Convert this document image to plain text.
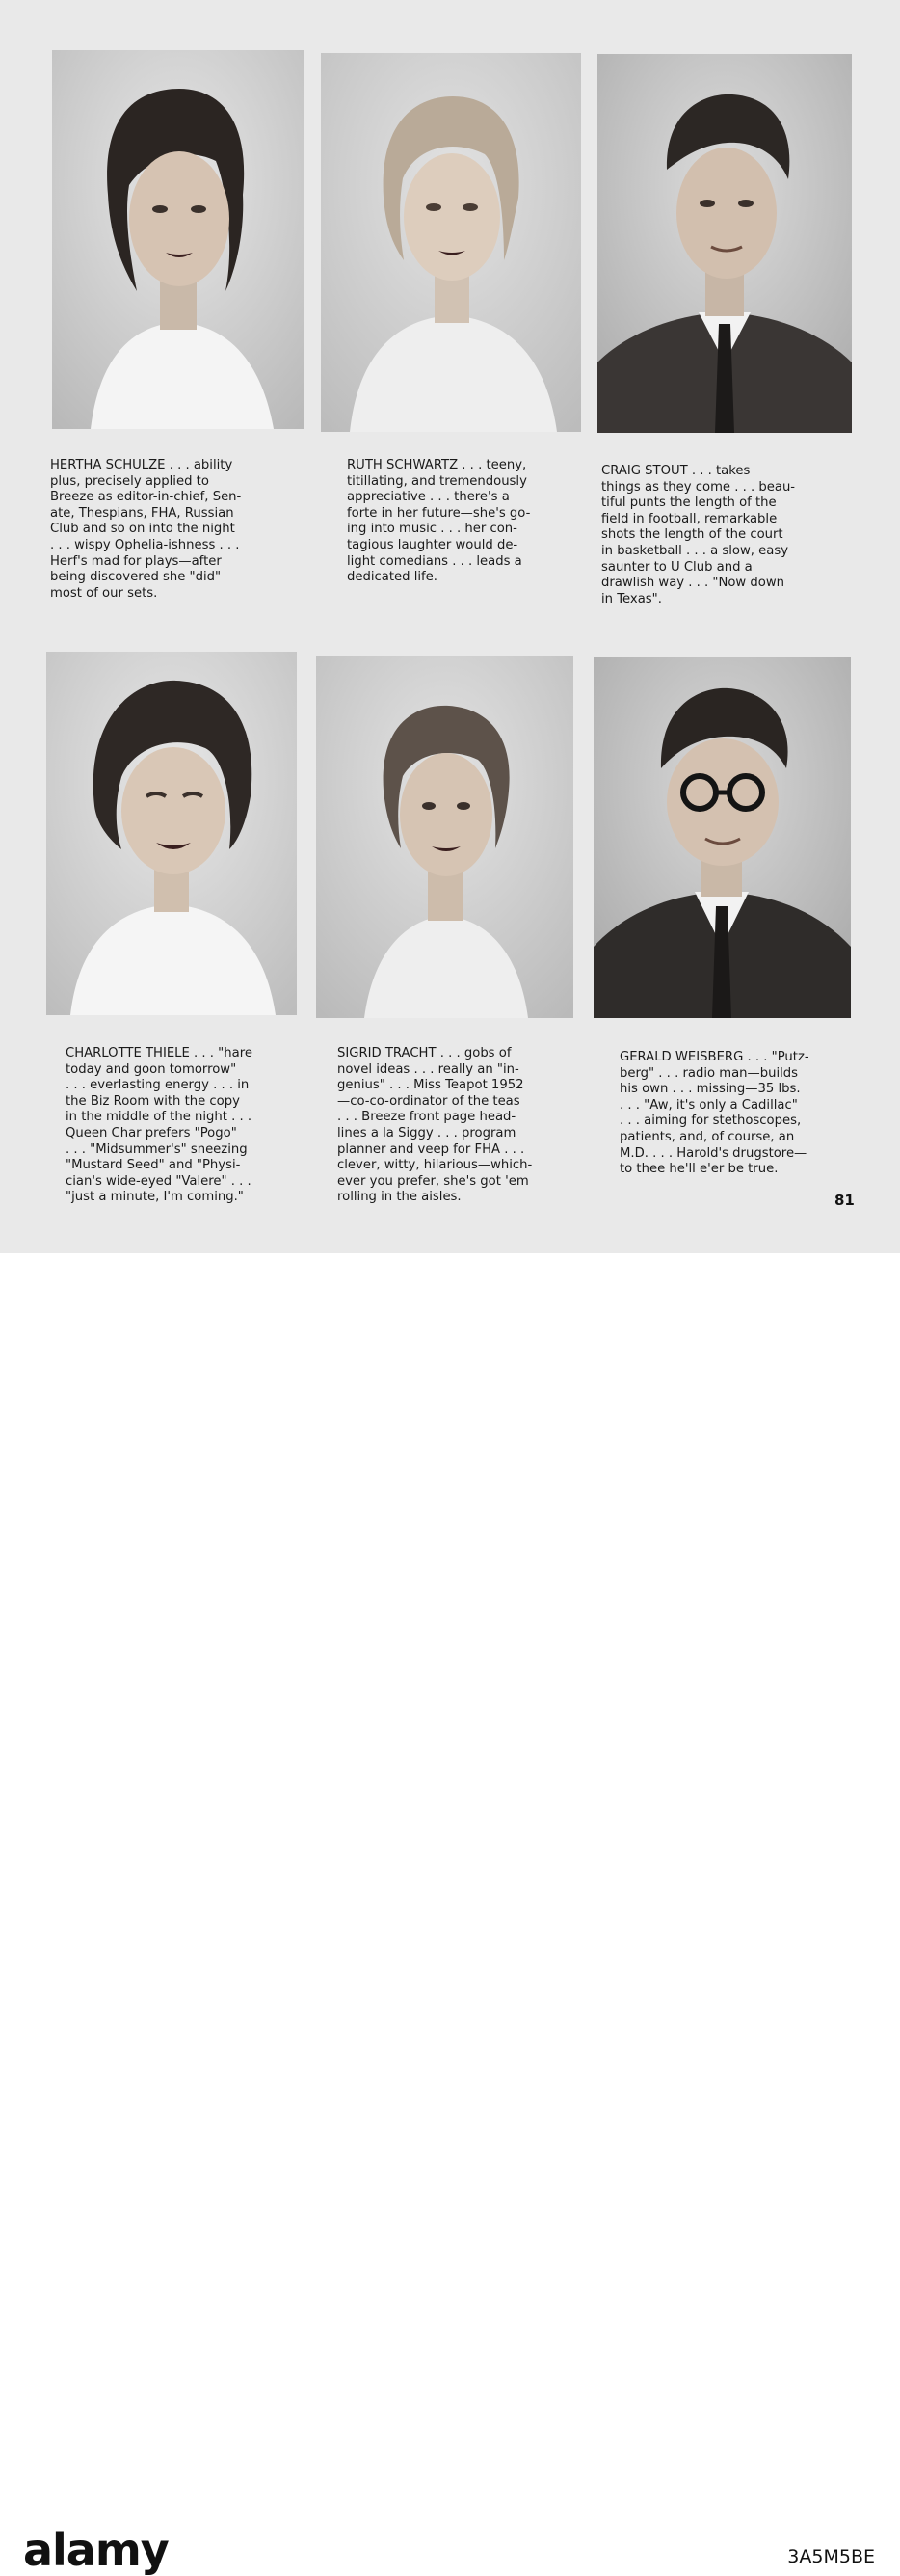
HERTHA SCHULZE . . . ability
plus, precisely applied to
Breeze as editor-in-chief, Sen-
ate, Thespians, FHA, Russian
Club and so on into the night
. . . wispy Ophelia-ishness . . .
Herf's mad for plays—after
being discovered she "did"
most of our sets.
RUTH SCHWARTZ . . . teeny,
titillating, and tremendously
appreciative . . . there's a
forte in her future—she's go-
ing into music . . . her con-
tagious laughter would de-
light comedians . . . leads a
dedicated life.
CRAIG STOUT . . . takes
things as they come . . . beau-
tiful punts the length of the
field in football, remarkable
shots the length of the court
in basketball . . . a slow, easy
saunter to U Club and a
drawlish way . . . "Now down
in Texas".
CHARLOTTE THIELE . . . "hare
today and goon tomorrow"
. . . everlasting energy . . . in
the Biz Room with the copy
in the middle of the night . . .
Queen Char prefers "Pogo"
. . . "Midsummer's" sneezing
"Mustard Seed" and "Physi-
cian's wide-eyed "Valere" . . .
"just a minute, I'm coming."
SIGRID TRACHT . . . gobs of
novel ideas . . . really an "in-
genius" . . . Miss Teapot 1952
—co-co-ordinator of the teas
. . . Breeze front page head-
lines a la Siggy . . . program
planner and veep for FHA . . .
clever, witty, hilarious—which-
ever you prefer, she's got 'em
rolling in the aisles.
GERALD WEISBERG . . . "Putz-
berg" . . . radio man—builds
his own . . . missing—35 lbs.
. . . "Aw, it's only a Cadillac"
. . . aiming for stethoscopes,
patients, and, of course, an
M.D. . . . Harold's drugstore—
to thee he'll e'er be true.
81
alamy	3A5M5BE
